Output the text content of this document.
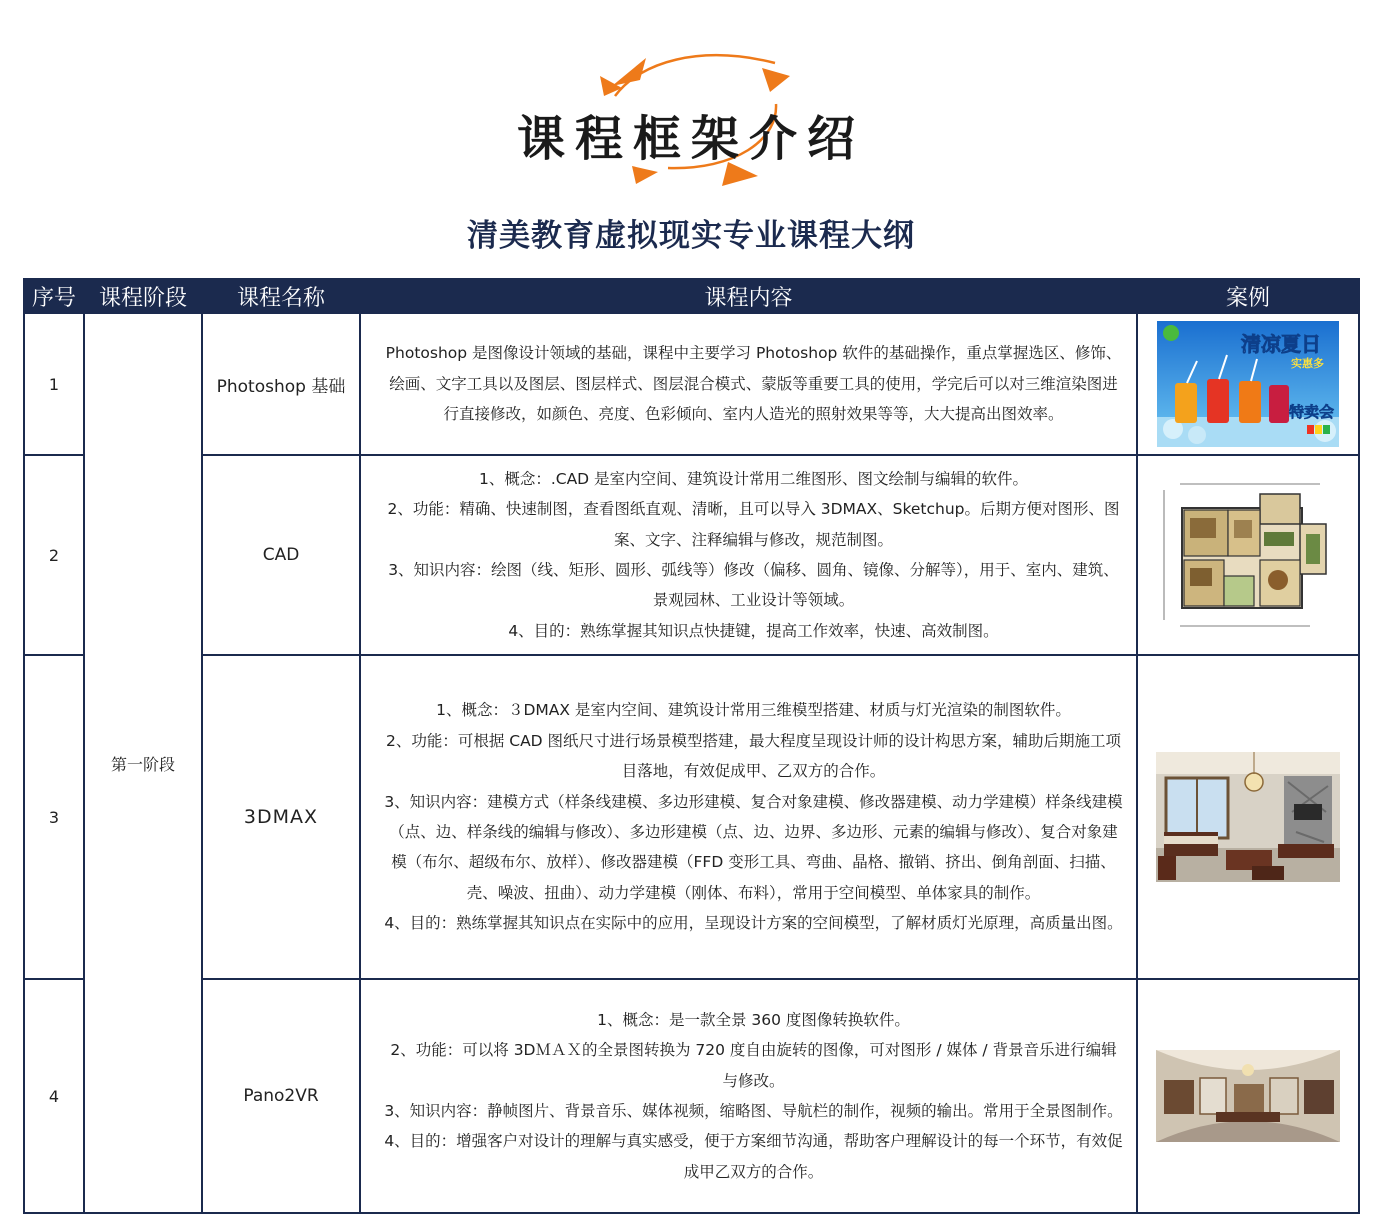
课程框架介绍
清美教育虚拟现实专业课程大纲
序号	课程阶段	课程名称	课程内容	案例
1	第一阶段	Photoshop 基础	Photoshop 是图像设计领域的基础，课程中主要学习 Photoshop 软件的基础操作，重点掌握选区、修饰、绘画、文字工具以及图层、图层样式、图层混合模式、蒙版等重要工具的使用，学完后可以对三维渲染图进行直接修改，如颜色、亮度、色彩倾向、室内人造光的照射效果等等，大大提高出图效率。	清凉夏日
实惠多
特卖会

2		CAD	1、概念：.CAD 是室内空间、建筑设计常用二维图形、图文绘制与编辑的软件。

2、功能：精确、快速制图，查看图纸直观、清晰，且可以导入 3DMAX、Sketchup。后期方便对图形、图案、文字、注释编辑与修改，规范制图。

3、知识内容：绘图（线、矩形、圆形、弧线等）修改（偏移、圆角、镜像、分解等），用于、室内、建筑、景观园林、工业设计等领域。

4、目的：熟练掌握其知识点快捷键，提高工作效率，快速、高效制图。

3		3DMAX	1、概念：３DMAX 是室内空间、建筑设计常用三维模型搭建、材质与灯光渲染的制图软件。

2、功能：可根据 CAD 图纸尺寸进行场景模型搭建，最大程度呈现设计师的设计构思方案，辅助后期施工项目落地，有效促成甲、乙双方的合作。

3、知识内容：建模方式（样条线建模、多边形建模、复合对象建模、修改器建模、动力学建模）样条线建模（点、边、样条线的编辑与修改）、多边形建模（点、边、边界、多边形、元素的编辑与修改）、复合对象建模（布尔、超级布尔、放样）、修改器建模（FFD 变形工具、弯曲、晶格、撤销、挤出、倒角剖面、扫描、壳、噪波、扭曲）、动力学建模（刚体、布料），常用于空间模型、单体家具的制作。

4、目的：熟练掌握其知识点在实际中的应用，呈现设计方案的空间模型，了解材质灯光原理，高质量出图。

4		Pano2VR	1、概念：是一款全景 360 度图像转换软件。

2、功能：可以将 3DＭＡＸ的全景图转换为 720 度自由旋转的图像，可对图形 / 媒体 / 背景音乐进行编辑与修改。

3、知识内容：静帧图片、背景音乐、媒体视频，缩略图、导航栏的制作，视频的输出。常用于全景图制作。

4、目的：增强客户对设计的理解与真实感受，便于方案细节沟通，帮助客户理解设计的每一个环节，有效促成甲乙双方的合作。
